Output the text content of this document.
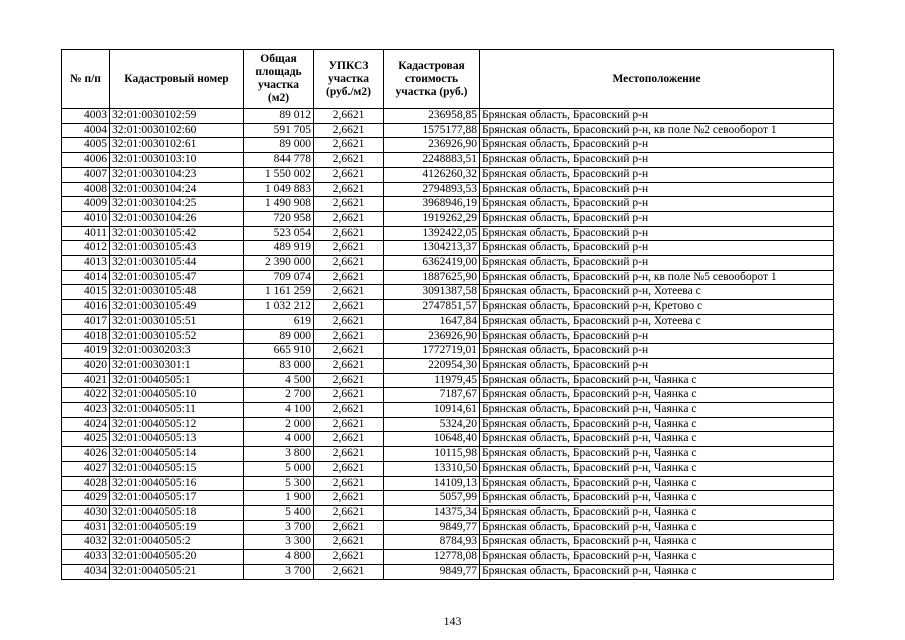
№ п/п	Кадастровый номер	Общая площадь участка (м2)	УПКСЗ участка (руб./м2)	Кадастровая стоимость участка (руб.)	Местоположение
4003	32:01:0030102:59	89 012	2,6621	236958,85	Брянская область, Брасовский р-н
4004	32:01:0030102:60	591 705	2,6621	1575177,88	Брянская область, Брасовский р-н, кв поле №2 севооборот 1
4005	32:01:0030102:61	89 000	2,6621	236926,90	Брянская область, Брасовский р-н
4006	32:01:0030103:10	844 778	2,6621	2248883,51	Брянская область, Брасовский р-н
4007	32:01:0030104:23	1 550 002	2,6621	4126260,32	Брянская область, Брасовский р-н
4008	32:01:0030104:24	1 049 883	2,6621	2794893,53	Брянская область, Брасовский р-н
4009	32:01:0030104:25	1 490 908	2,6621	3968946,19	Брянская область, Брасовский р-н
4010	32:01:0030104:26	720 958	2,6621	1919262,29	Брянская область, Брасовский р-н
4011	32:01:0030105:42	523 054	2,6621	1392422,05	Брянская область, Брасовский р-н
4012	32:01:0030105:43	489 919	2,6621	1304213,37	Брянская область, Брасовский р-н
4013	32:01:0030105:44	2 390 000	2,6621	6362419,00	Брянская область, Брасовский р-н
4014	32:01:0030105:47	709 074	2,6621	1887625,90	Брянская область, Брасовский р-н, кв поле №5 севооборот 1
4015	32:01:0030105:48	1 161 259	2,6621	3091387,58	Брянская область, Брасовский р-н, Хотеева с
4016	32:01:0030105:49	1 032 212	2,6621	2747851,57	Брянская область, Брасовский р-н, Кретово с
4017	32:01:0030105:51	619	2,6621	1647,84	Брянская область, Брасовский р-н, Хотеева с
4018	32:01:0030105:52	89 000	2,6621	236926,90	Брянская область, Брасовский р-н
4019	32:01:0030203:3	665 910	2,6621	1772719,01	Брянская область, Брасовский р-н
4020	32:01:0030301:1	83 000	2,6621	220954,30	Брянская область, Брасовский р-н
4021	32:01:0040505:1	4 500	2,6621	11979,45	Брянская область, Брасовский р-н, Чаянка с
4022	32:01:0040505:10	2 700	2,6621	7187,67	Брянская область, Брасовский р-н, Чаянка с
4023	32:01:0040505:11	4 100	2,6621	10914,61	Брянская область, Брасовский р-н, Чаянка с
4024	32:01:0040505:12	2 000	2,6621	5324,20	Брянская область, Брасовский р-н, Чаянка с
4025	32:01:0040505:13	4 000	2,6621	10648,40	Брянская область, Брасовский р-н, Чаянка с
4026	32:01:0040505:14	3 800	2,6621	10115,98	Брянская область, Брасовский р-н, Чаянка с
4027	32:01:0040505:15	5 000	2,6621	13310,50	Брянская область, Брасовский р-н, Чаянка с
4028	32:01:0040505:16	5 300	2,6621	14109,13	Брянская область, Брасовский р-н, Чаянка с
4029	32:01:0040505:17	1 900	2,6621	5057,99	Брянская область, Брасовский р-н, Чаянка с
4030	32:01:0040505:18	5 400	2,6621	14375,34	Брянская область, Брасовский р-н, Чаянка с
4031	32:01:0040505:19	3 700	2,6621	9849,77	Брянская область, Брасовский р-н, Чаянка с
4032	32:01:0040505:2	3 300	2,6621	8784,93	Брянская область, Брасовский р-н, Чаянка с
4033	32:01:0040505:20	4 800	2,6621	12778,08	Брянская область, Брасовский р-н, Чаянка с
4034	32:01:0040505:21	3 700	2,6621	9849,77	Брянская область, Брасовский р-н, Чаянка с
143
